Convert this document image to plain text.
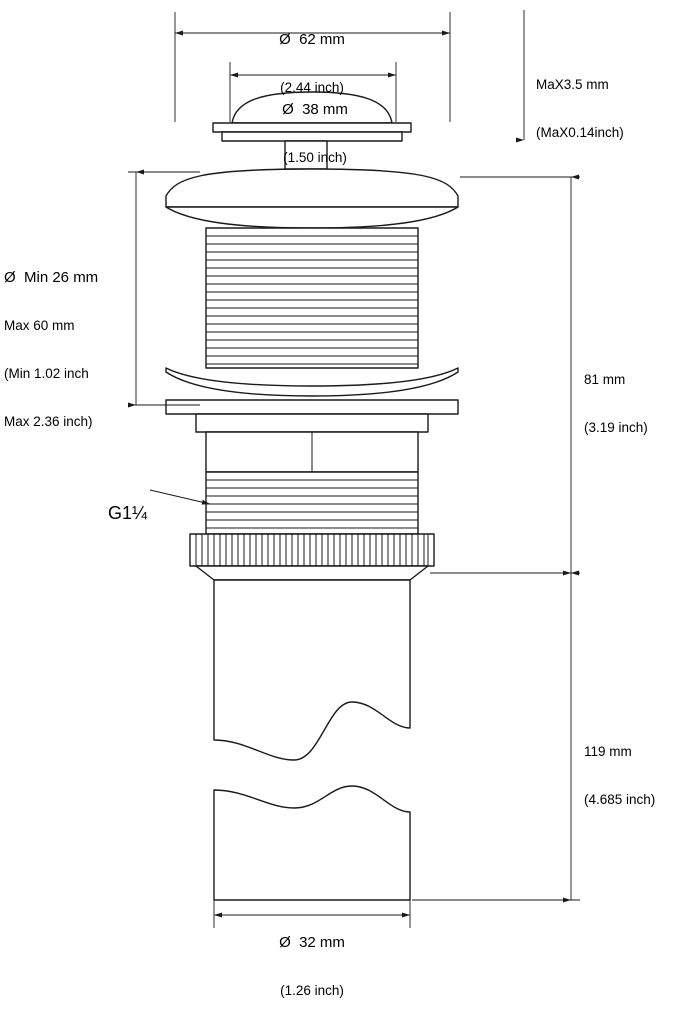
Ø  62 mm

(2.44 inch)

Ø  38 mm

(1.50 inch)

MaX3.5 mm

(MaX0.14inch)

Ø  Min 26 mm

Max 60 mm

(Min 1.02 inch

Max 2.36 inch)

G1¼

81 mm

(3.19 inch)

119 mm

(4.685 inch)

Ø  32 mm

(1.26 inch)
